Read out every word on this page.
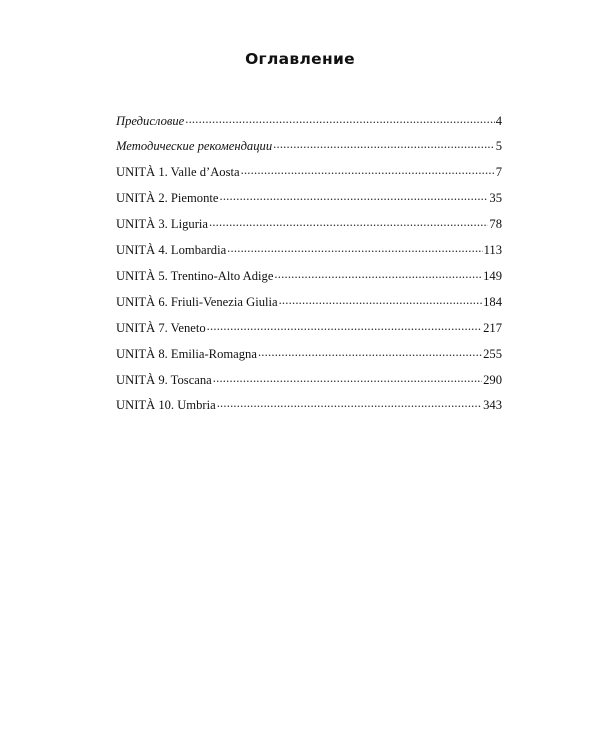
Оглавление
Предисловие .....	4
Методические рекомендации .....	5
UNITÀ 1. Valle d’Aosta .....	7
UNITÀ 2. Piemonte .....	35
UNITÀ 3. Liguria .....	78
UNITÀ 4. Lombardia .....	113
UNITÀ 5. Trentino-Alto Adige .....	149
UNITÀ 6. Friuli-Venezia Giulia .....	184
UNITÀ 7. Veneto .....	217
UNITÀ 8. Emilia-Romagna .....	255
UNITÀ 9. Toscana .....	290
UNITÀ 10. Umbria .....	343
